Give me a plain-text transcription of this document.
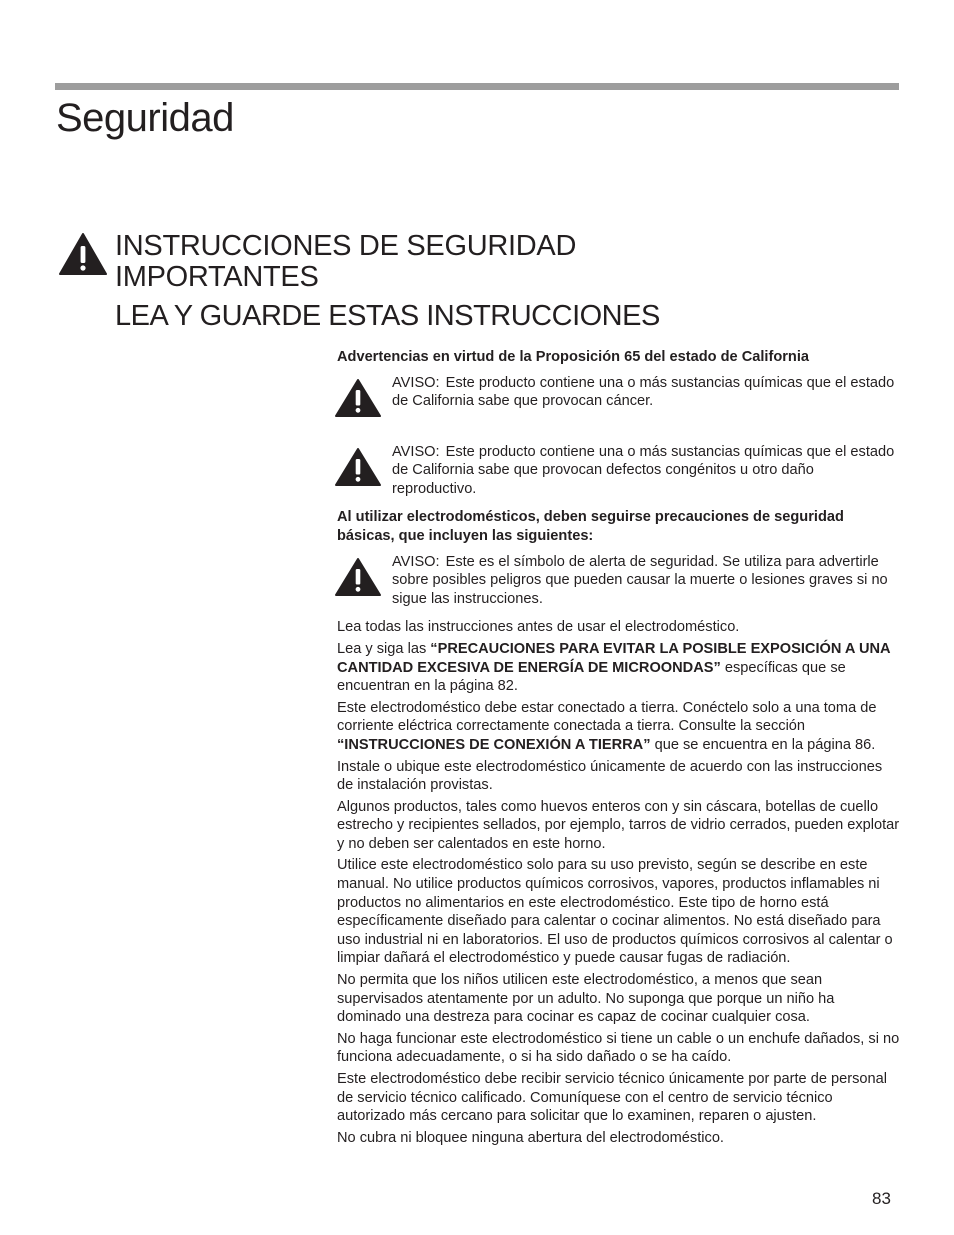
Seguridad
INSTRUCCIONES DE SEGURIDAD IMPORTANTES
LEA Y GUARDE ESTAS INSTRUCCIONES

Advertencias en virtud de la Proposición 65 del estado de California

AVISO: Este producto contiene una o más sustancias químicas que el estado de California sabe que provocan cáncer.
AVISO: Este producto contiene una o más sustancias químicas que el estado de California sabe que provocan defectos congénitos u otro daño reproductivo.

Al utilizar electrodomésticos, deben seguirse precauciones de seguridad básicas, que incluyen las siguientes:

AVISO: Este es el símbolo de alerta de seguridad. Se utiliza para advertirle sobre posibles peligros que pueden causar la muerte o lesiones graves si no sigue las instrucciones.

Lea todas las instrucciones antes de usar el electrodoméstico.

Lea y siga las “PRECAUCIONES PARA EVITAR LA POSIBLE EXPOSICIÓN A UNA CANTIDAD EXCESIVA DE ENERGÍA DE MICROONDAS” específicas que se encuentran en la página 82.

Este electrodoméstico debe estar conectado a tierra. Conéctelo solo a una toma de corriente eléctrica correctamente conectada a tierra. Consulte la sección “INSTRUCCIONES DE CONEXIÓN A TIERRA” que se encuentra en la página 86.

Instale o ubique este electrodoméstico únicamente de acuerdo con las instrucciones de instalación provistas.

Algunos productos, tales como huevos enteros con y sin cáscara, botellas de cuello estrecho y recipientes sellados, por ejemplo, tarros de vidrio cerrados, pueden explotar y no deben ser calentados en este horno.

Utilice este electrodoméstico solo para su uso previsto, según se describe en este manual. No utilice productos químicos corrosivos, vapores, productos inflamables ni productos no alimentarios en este electrodoméstico. Este tipo de horno está específicamente diseñado para calentar o cocinar alimentos. No está diseñado para uso industrial ni en laboratorios. El uso de productos químicos corrosivos al calentar o limpiar dañará el electrodoméstico y puede causar fugas de radiación.

No permita que los niños utilicen este electrodoméstico, a menos que sean supervisados atentamente por un adulto. No suponga que porque un niño ha dominado una destreza para cocinar es capaz de cocinar cualquier cosa.

No haga funcionar este electrodoméstico si tiene un cable o un enchufe dañados, si no funciona adecuadamente, o si ha sido dañado o se ha caído.

Este electrodoméstico debe recibir servicio técnico únicamente por parte de personal de servicio técnico calificado. Comuníquese con el centro de servicio técnico autorizado más cercano para solicitar que lo examinen, reparen o ajusten.

No cubra ni bloquee ninguna abertura del electrodoméstico.

83
